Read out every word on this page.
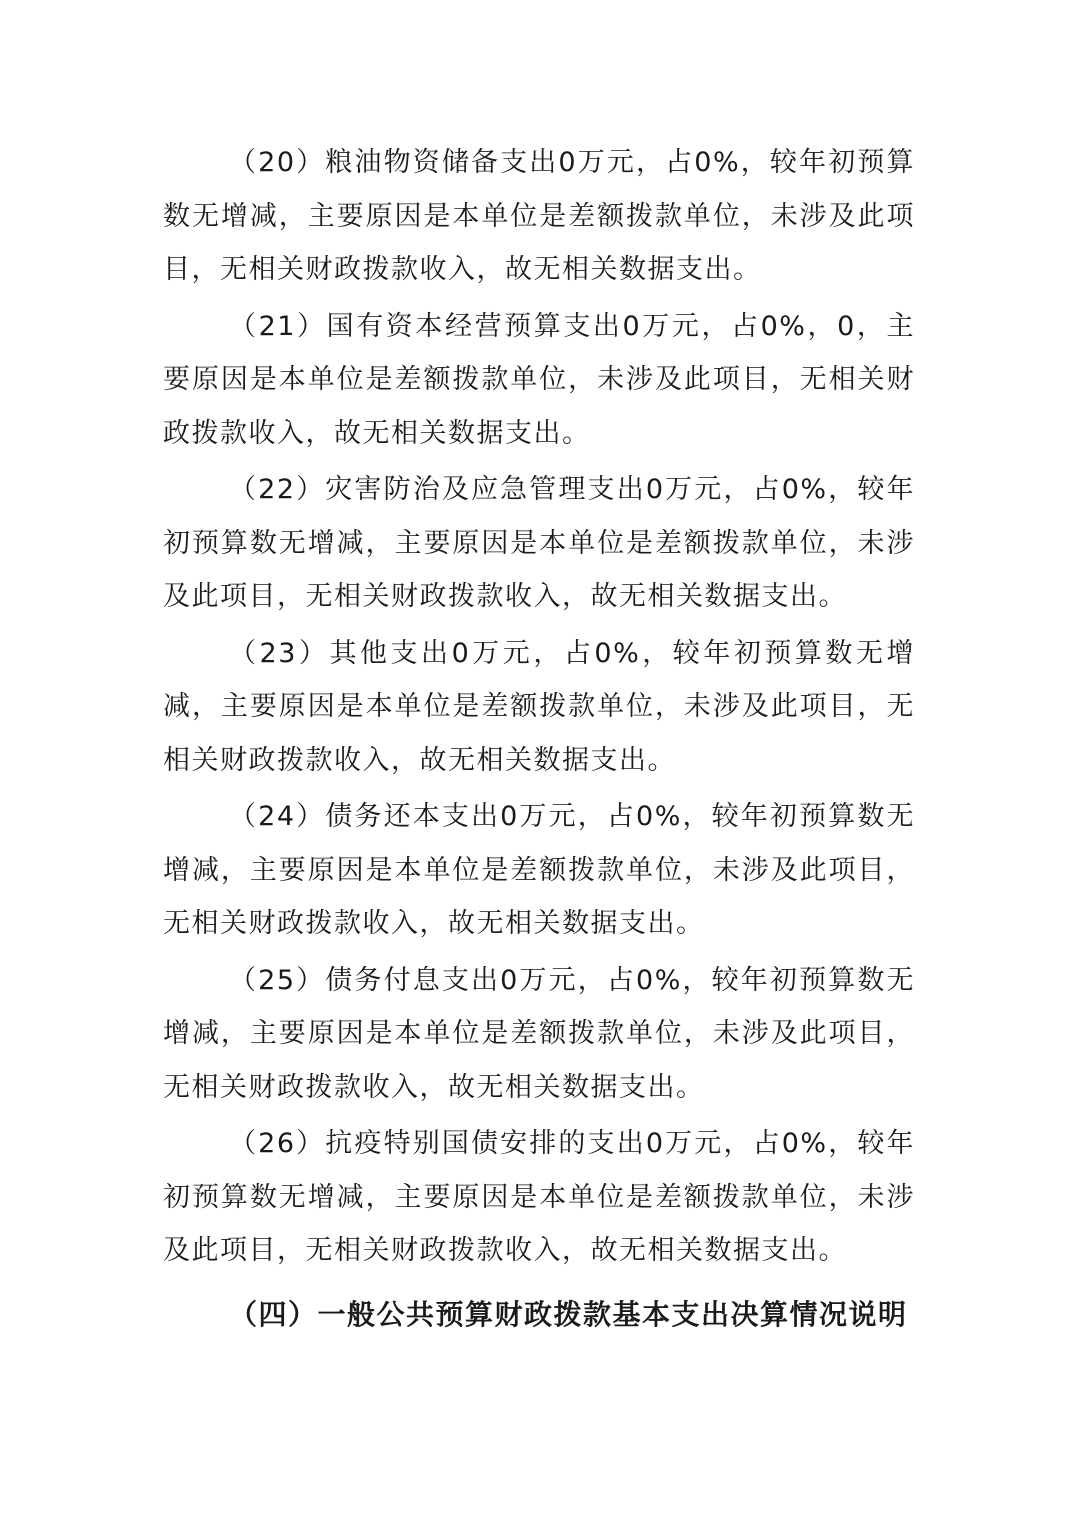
（20）粮油物资储备支出0万元，占0%，较年初预算数无增减，主要原因是本单位是差额拨款单位，未涉及此项目，无相关财政拨款收入，故无相关数据支出。

（21）国有资本经营预算支出0万元，占0%，0，主要原因是本单位是差额拨款单位，未涉及此项目，无相关财政拨款收入，故无相关数据支出。

（22）灾害防治及应急管理支出0万元，占0%，较年初预算数无增减，主要原因是本单位是差额拨款单位，未涉及此项目，无相关财政拨款收入，故无相关数据支出。

（23）其他支出0万元，占0%，较年初预算数无增减，主要原因是本单位是差额拨款单位，未涉及此项目，无相关财政拨款收入，故无相关数据支出。

（24）债务还本支出0万元，占0%，较年初预算数无增减，主要原因是本单位是差额拨款单位，未涉及此项目，无相关财政拨款收入，故无相关数据支出。

（25）债务付息支出0万元，占0%，较年初预算数无增减，主要原因是本单位是差额拨款单位，未涉及此项目，无相关财政拨款收入，故无相关数据支出。

（26）抗疫特别国债安排的支出0万元，占0%，较年初预算数无增减，主要原因是本单位是差额拨款单位，未涉及此项目，无相关财政拨款收入，故无相关数据支出。

（四）一般公共预算财政拨款基本支出决算情况说明
